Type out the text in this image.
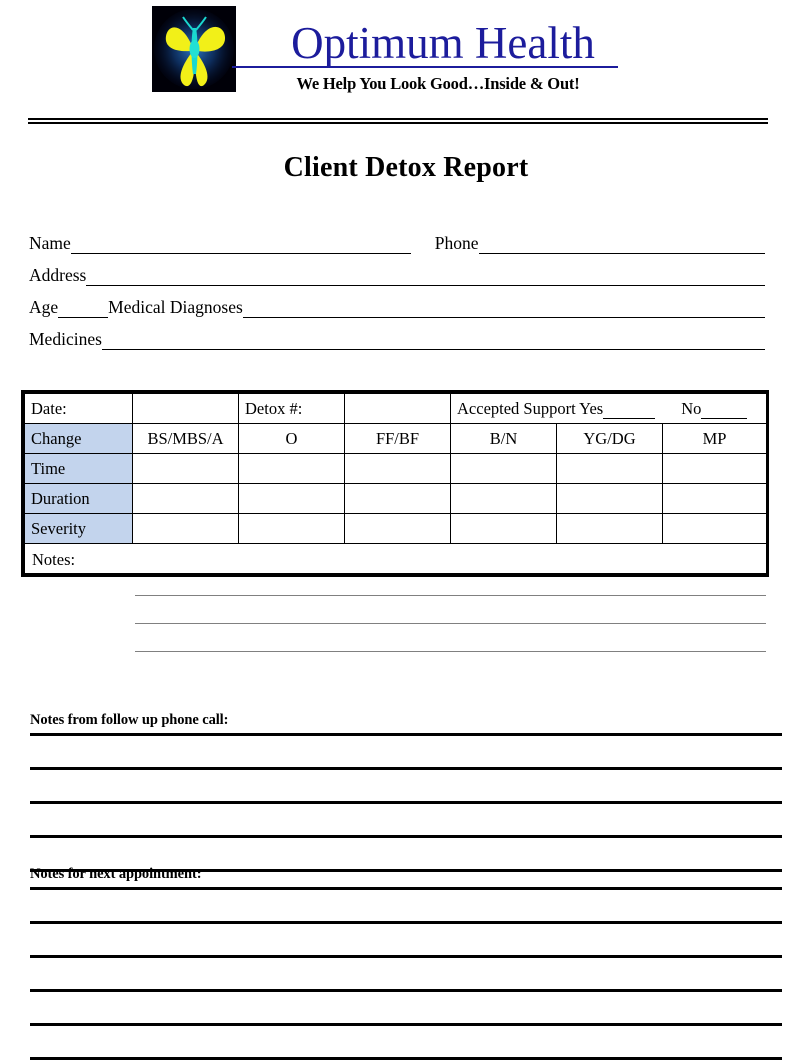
Optimum Health
We Help You Look Good…Inside & Out!
Client Detox Report
Name	Phone
Address
Age	Medical Diagnoses
Medicines
Date:		Detox #:		Accepted Support Yes No		
Change	BS/MBS/A	O	FF/BF	B/N	YG/DG	MP
Time						
Duration						
Severity						

Notes:						
Notes from follow up phone call:
Notes for next appointment:
